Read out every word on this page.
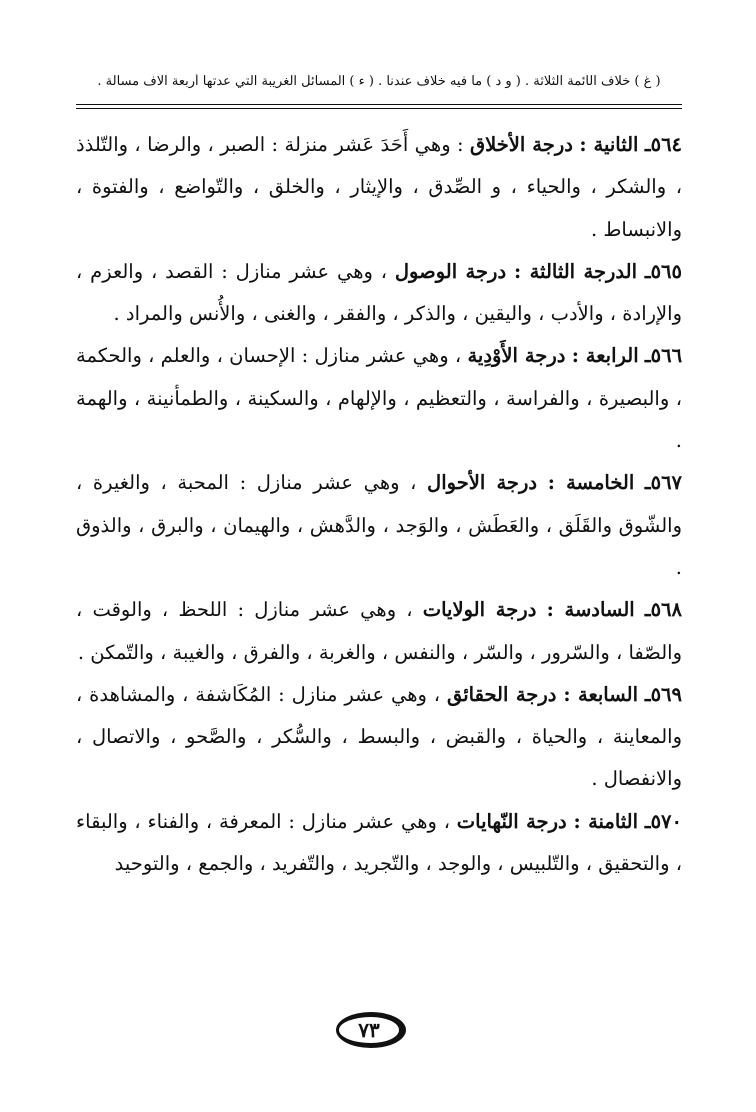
( غ ) خلاف الأئمة الثلاثة . ( و د ) ما فيه خلاف عندنا . ( ء ) المسائل الغريبة التي عدتها أربعة آلاف مسألة .

٥٦٤ـ الثانية : درجة الأخلاق : وهي أَحَدَ عَشر منزلة : الصبر ، والرضا ، والتّلذذ ، والشكر ، والحياء ، و الصِّدق ، والإيثار ، والخلق ، والتّواضع ، والفتوة ، والانبساط .

٥٦٥ـ الدرجة الثالثة : درجة الوصول ، وهي عشر منازل : القصد ، والعزم ، والإرادة ، والأدب ، واليقين ، والذكر ، والفقر ، والغنى ، والأُنس والمراد .

٥٦٦ـ الرابعة : درجة الأَوْدِية ، وهي عشر منازل : الإحسان ، والعلم ، والحكمة ، والبصيرة ، والفراسة ، والتعظيم ، والإلهام ، والسكينة ، والطمأنينة ، والهمة .

٥٦٧ـ الخامسة : درجة الأحوال ، وهي عشر منازل : المحبة ، والغيرة ، والشّوق والقَلَق ، والعَطَش ، والوَجد ، والدَّهش ، والهيمان ، والبرق ، والذوق .

٥٦٨ـ السادسة : درجة الولايات ، وهي عشر منازل : اللحظ ، والوقت ، والصّفا ، والسّرور ، والسّر ، والنفس ، والغربة ، والفرق ، والغيبة ، والتّمكن .

٥٦٩ـ السابعة : درجة الحقائق ، وهي عشر منازل : المُكَاشفة ، والمشاهدة ، والمعاينة ، والحياة ، والقبض ، والبسط ، والسُّكر ، والصَّحو ، والاتصال ، والانفصال .

٥٧٠ـ الثامنة : درجة النّهايات ، وهي عشر منازل : المعرفة ، والفناء ، والبقاء ، والتحقيق ، والتّلبيس ، والوجد ، والتّجريد ، والتّفريد ، والجمع ، والتوحيد

٧٣
